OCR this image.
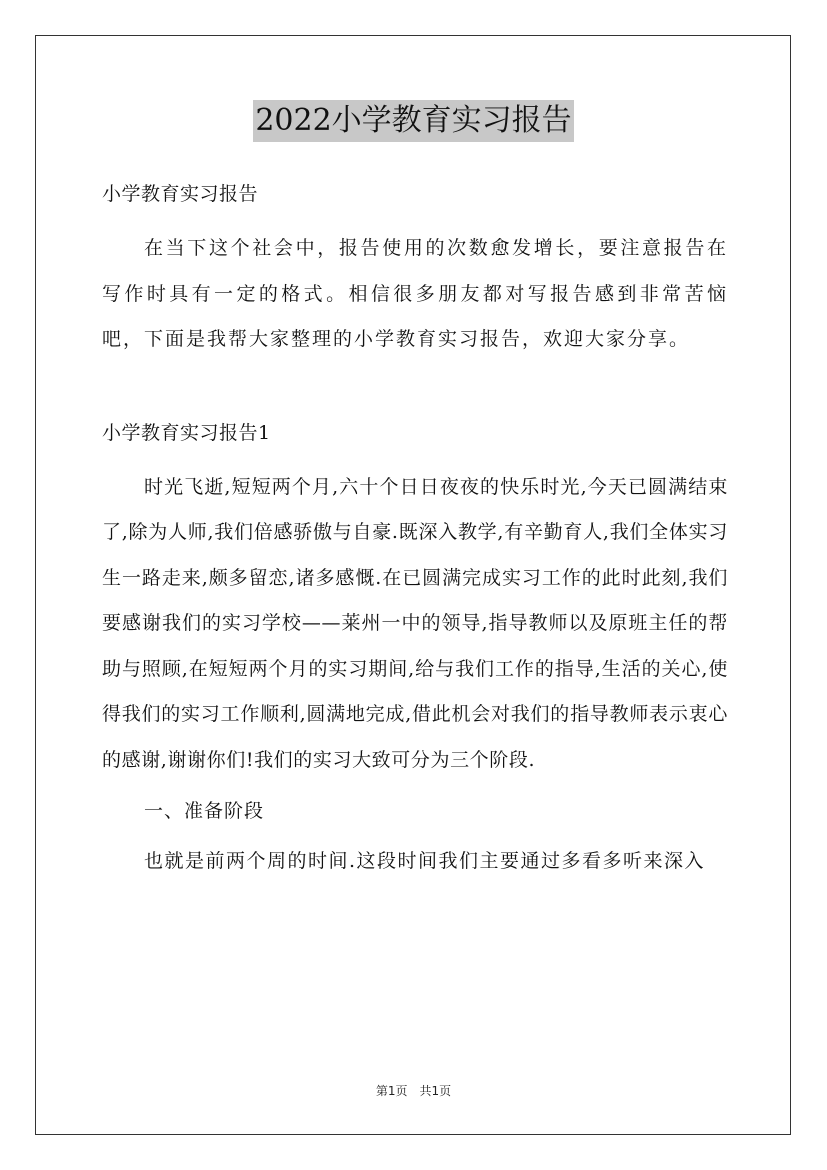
2022小学教育实习报告

小学教育实习报告

在当下这个社会中，报告使用的次数愈发增长，要注意报告在写作时具有一定的格式。相信很多朋友都对写报告感到非常苦恼吧，下面是我帮大家整理的小学教育实习报告，欢迎大家分享。

小学教育实习报告1

时光飞逝,短短两个月,六十个日日夜夜的快乐时光,今天已圆满结束了,除为人师,我们倍感骄傲与自豪.既深入教学,有辛勤育人,我们全体实习生一路走来,颇多留恋,诸多感慨.在已圆满完成实习工作的此时此刻,我们要感谢我们的实习学校——莱州一中的领导,指导教师以及原班主任的帮助与照顾,在短短两个月的实习期间,给与我们工作的指导,生活的关心,使得我们的实习工作顺利,圆满地完成,借此机会对我们的指导教师表示衷心的感谢,谢谢你们!我们的实习大致可分为三个阶段.

一、准备阶段

也就是前两个周的时间.这段时间我们主要通过多看多听来深入

第1页　共1页
